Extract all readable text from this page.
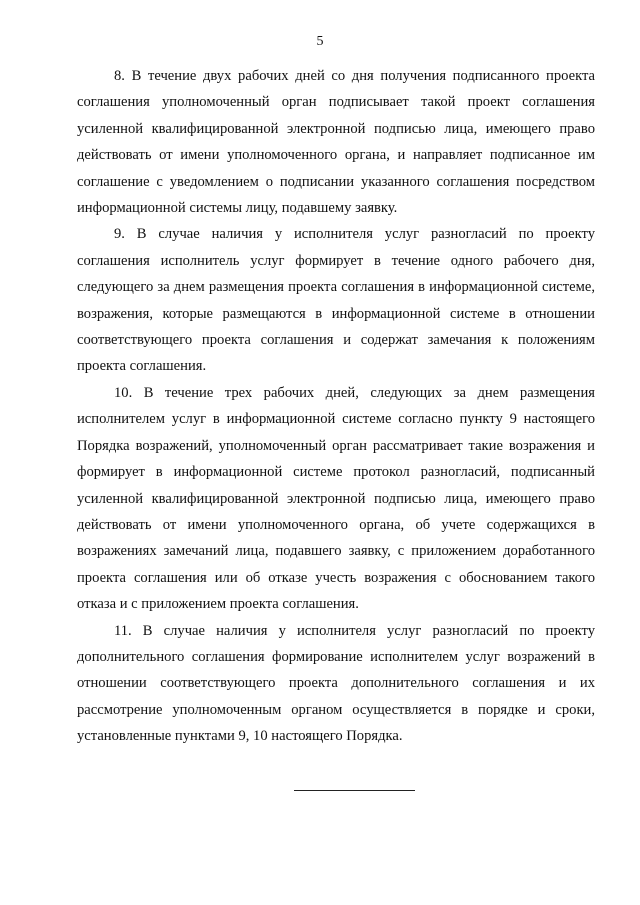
5

8. В течение двух рабочих дней со дня получения подписанного проекта соглашения уполномоченный орган подписывает такой проект соглашения усиленной квалифицированной электронной подписью лица, имеющего право действовать от имени уполномоченного органа, и направляет подписанное им соглашение с уведомлением о подписании указанного соглашения посредством информационной системы лицу, подавшему заявку.

9. В случае наличия у исполнителя услуг разногласий по проекту соглашения исполнитель услуг формирует в течение одного рабочего дня, следующего за днем размещения проекта соглашения в информационной системе, возражения, которые размещаются в информационной системе в отношении соответствующего проекта соглашения и содержат замечания к положениям проекта соглашения.

10. В течение трех рабочих дней, следующих за днем размещения исполнителем услуг в информационной системе согласно пункту 9 настоящего Порядка возражений, уполномоченный орган рассматривает такие возражения и формирует в информационной системе протокол разногласий, подписанный усиленной квалифицированной электронной подписью лица, имеющего право действовать от имени уполномоченного органа, об учете содержащихся в возражениях замечаний лица, подавшего заявку, с приложением доработанного проекта соглашения или об отказе учесть возражения с обоснованием такого отказа и с приложением проекта соглашения.

11. В случае наличия у исполнителя услуг разногласий по проекту дополнительного соглашения формирование исполнителем услуг возражений в отношении соответствующего проекта дополнительного соглашения и их рассмотрение уполномоченным органом осуществляется в порядке и сроки, установленные пунктами 9, 10 настоящего Порядка.
